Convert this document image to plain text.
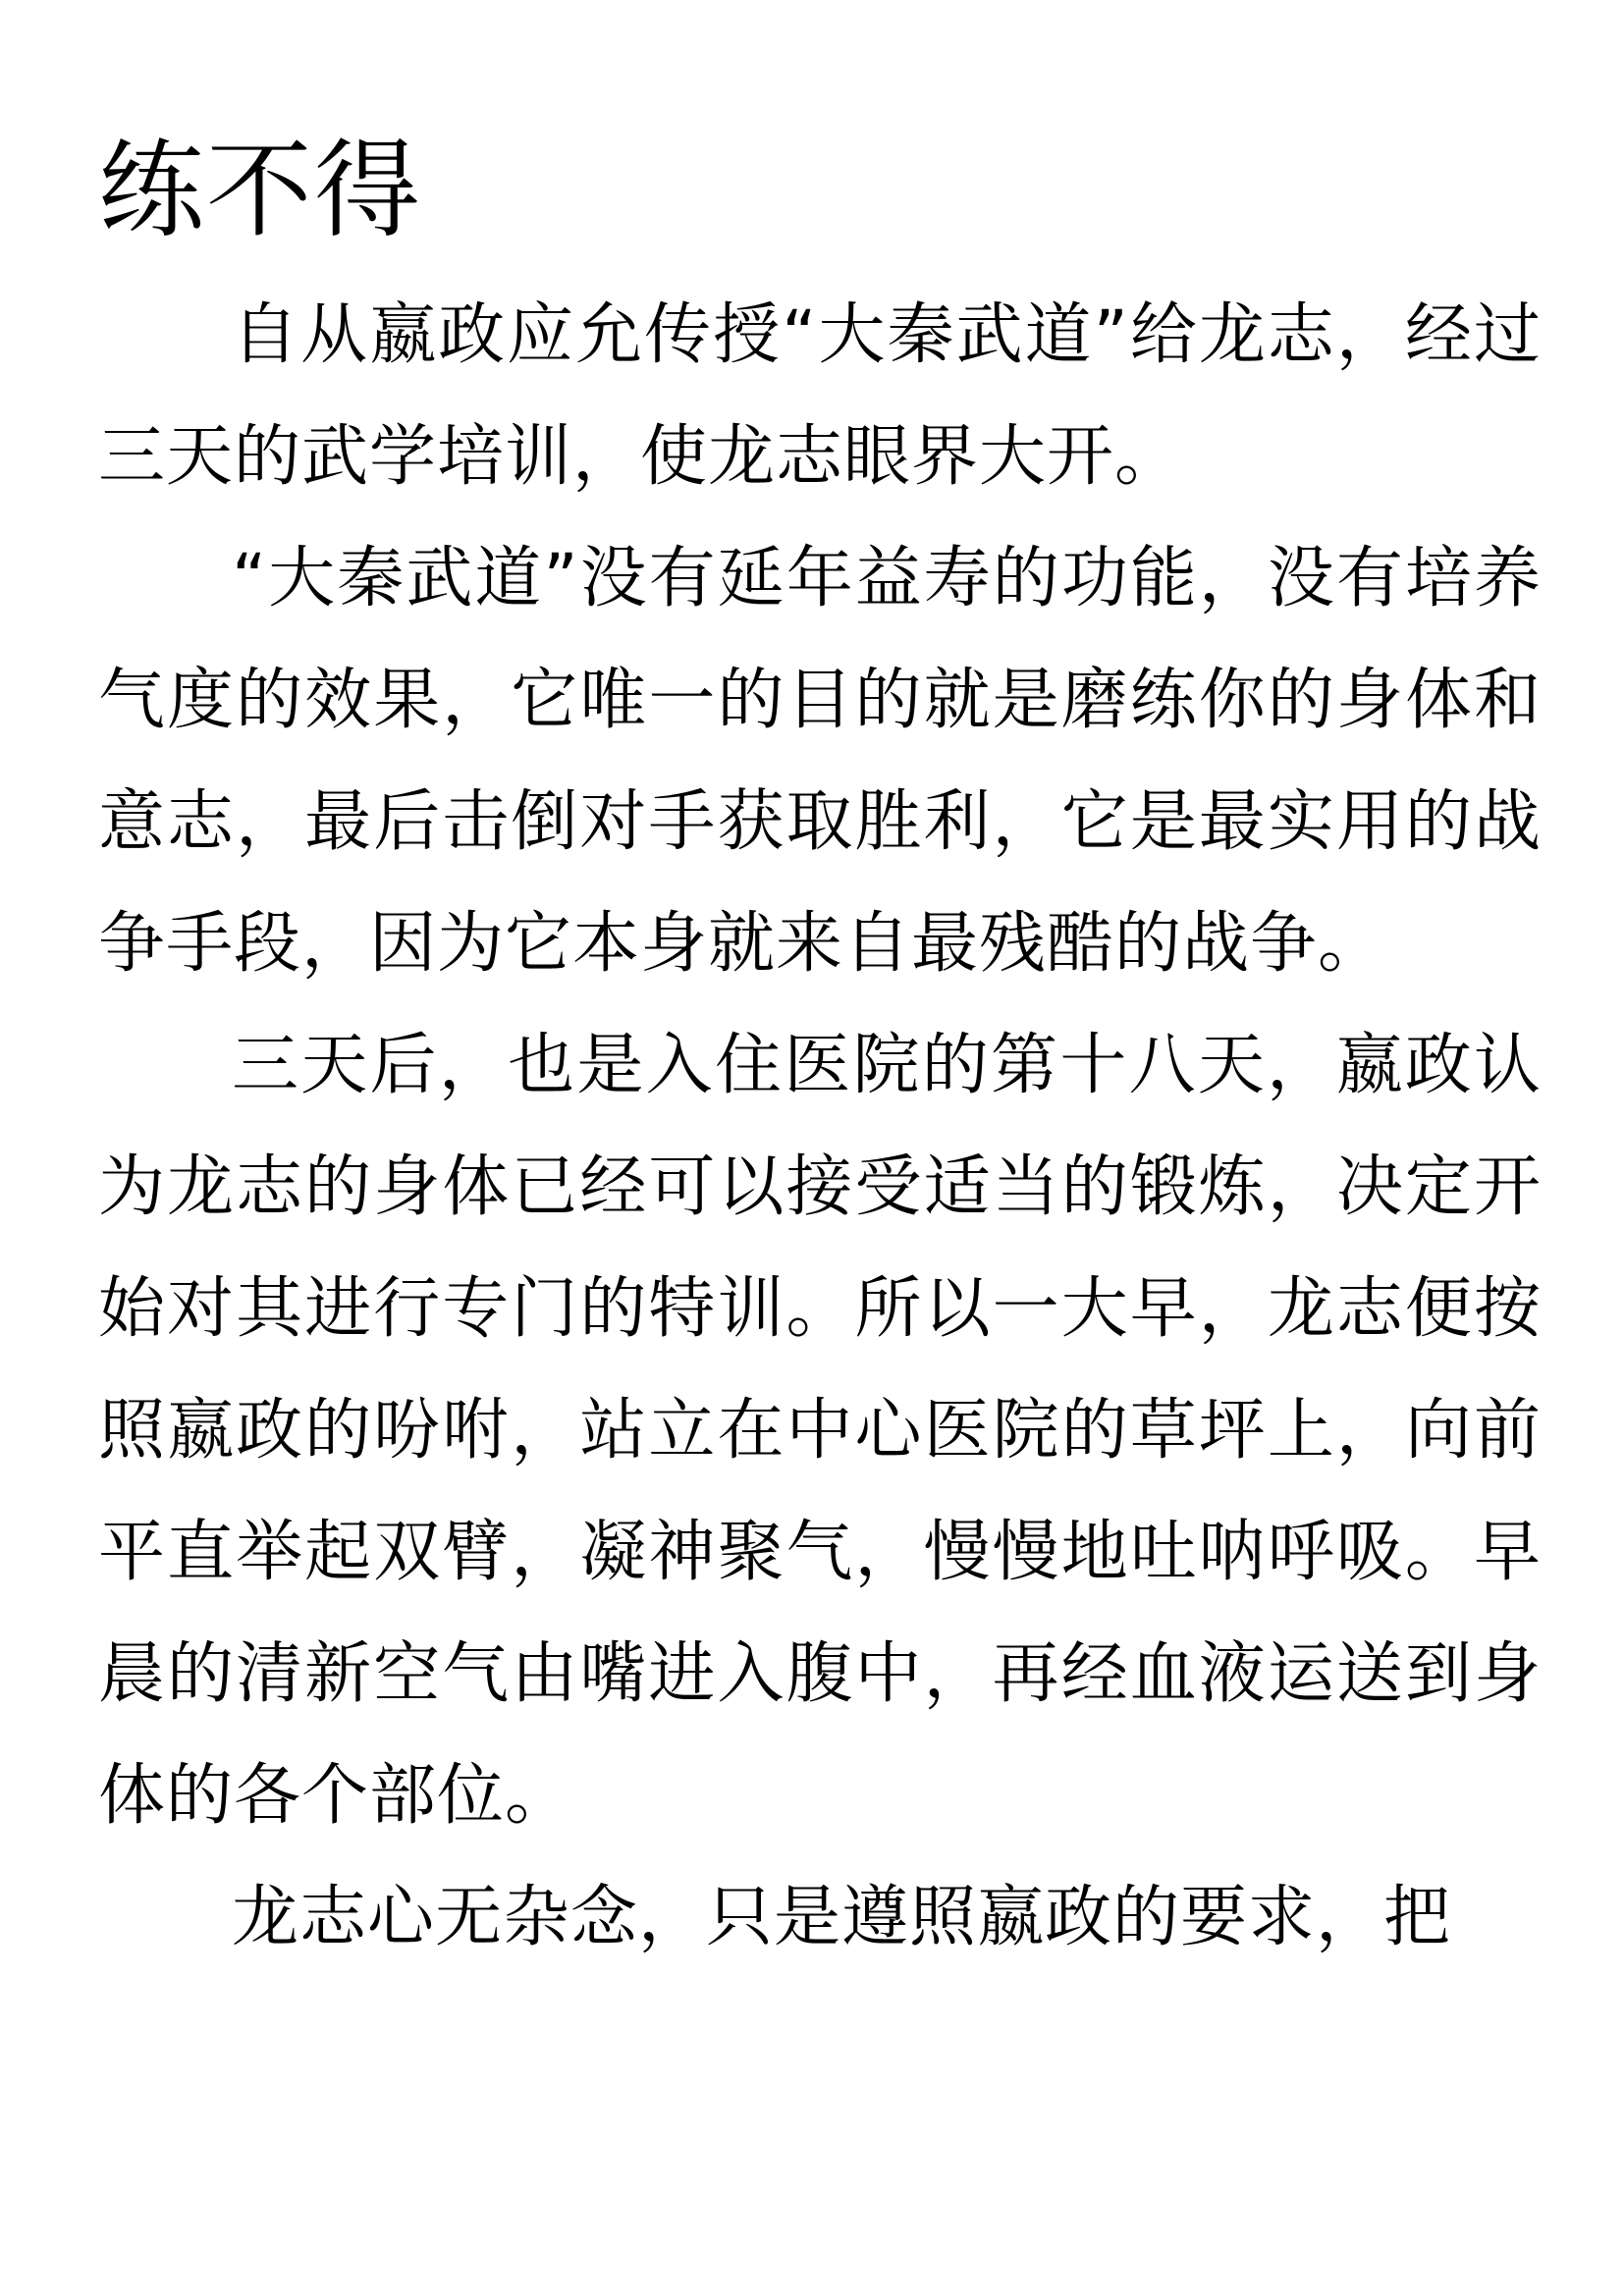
练不得

自从嬴政应允传授“大秦武道”给龙志，经过三天的武学培训，使龙志眼界大开。

“大秦武道”没有延年益寿的功能，没有培养气度的效果，它唯一的目的就是磨练你的身体和意志，最后击倒对手获取胜利，它是最实用的战争手段，因为它本身就来自最残酷的战争。

三天后，也是入住医院的第十八天，嬴政认为龙志的身体已经可以接受适当的锻炼，决定开始对其进行专门的特训。所以一大早，龙志便按照嬴政的吩咐，站立在中心医院的草坪上，向前平直举起双臂，凝神聚气，慢慢地吐呐呼吸。早晨的清新空气由嘴进入腹中，再经血液运送到身体的各个部位。

龙志心无杂念，只是遵照嬴政的要求，把
